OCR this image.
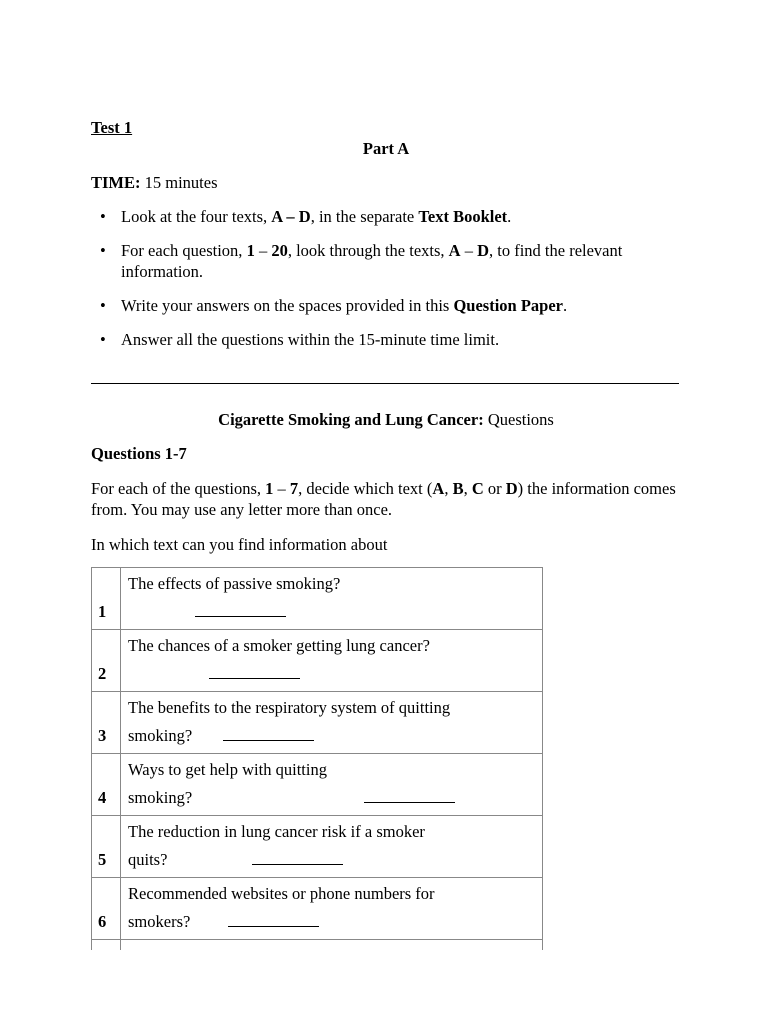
Test 1
Part A
TIME: 15 minutes
• Look at the four texts, A – D, in the separate Text Booklet.
• For each question, 1 – 20, look through the texts, A – D, to find the relevant information.
• Write your answers on the spaces provided in this Question Paper.
• Answer all the questions within the 15-minute time limit.
Cigarette Smoking and Lung Cancer: Questions
Questions 1-7
For each of the questions, 1 – 7, decide which text (A, B, C or D) the information comes from. You may use any letter more than once.
In which text can you find information about
1	The effects of passive smoking?

2	The chances of a smoker getting lung cancer?

3	The benefits to the respiratory system of quitting
smoking?

4	Ways to get help with quitting
smoking?

5	The reduction in lung cancer risk if a smoker
quits?

6	Recommended websites or phone numbers for
smokers?
